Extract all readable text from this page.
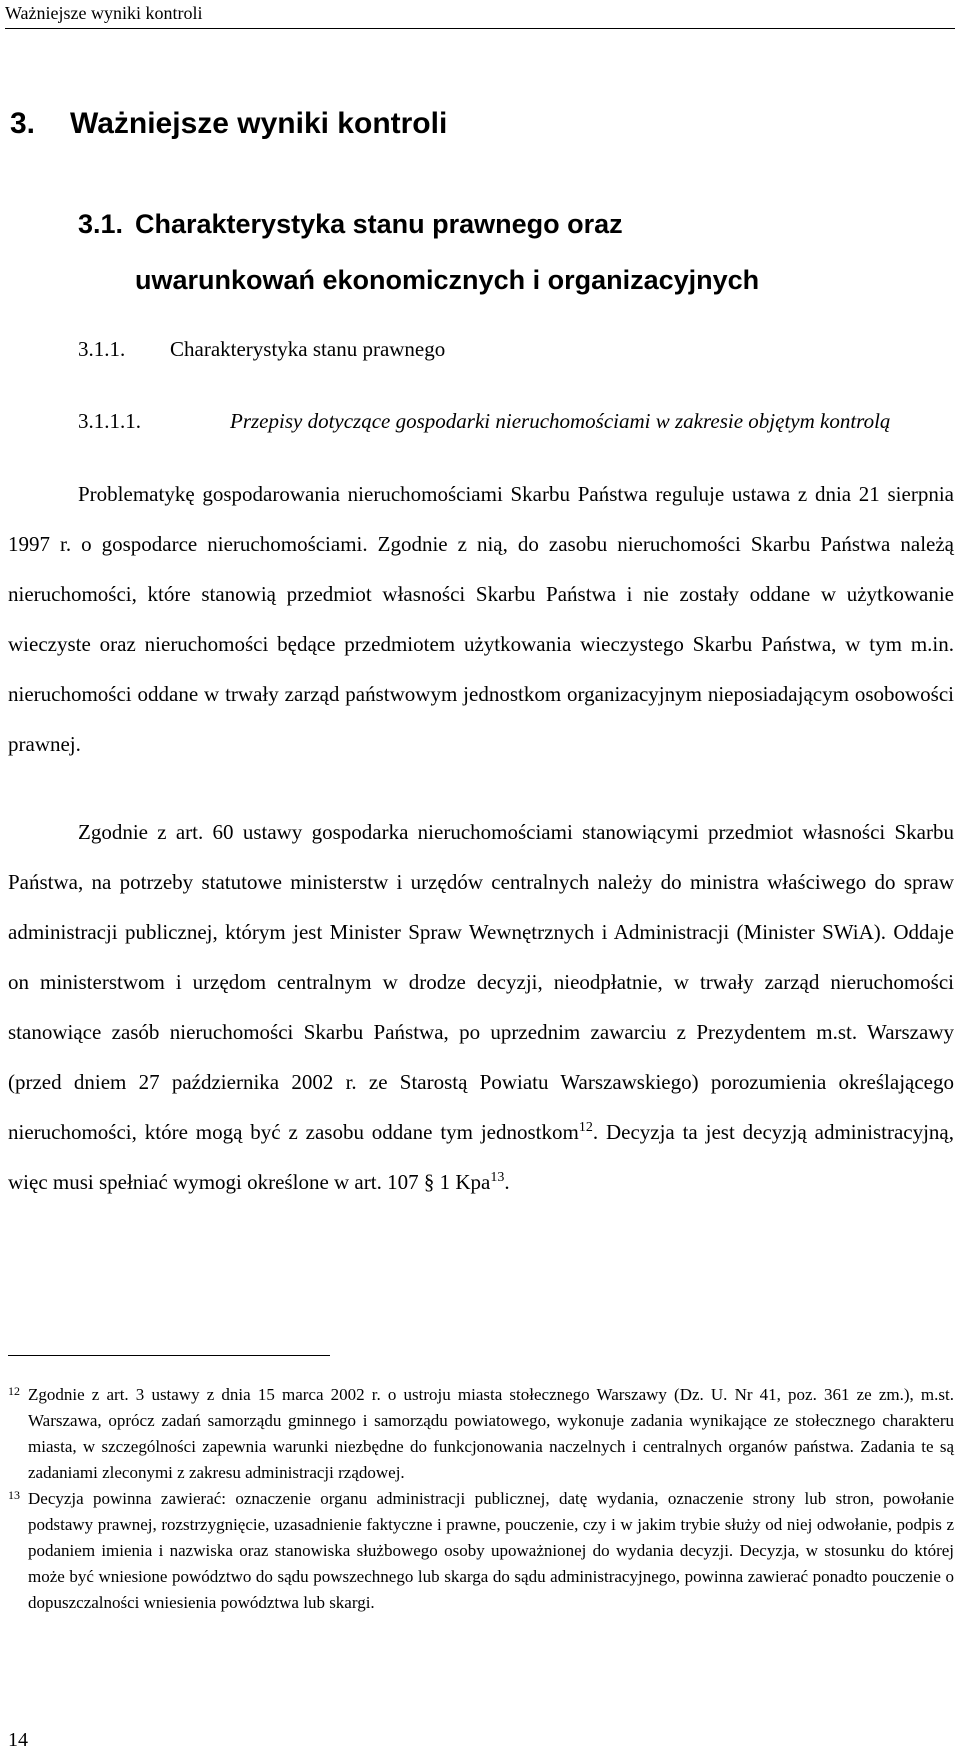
Ważniejsze wyniki kontroli
3. Ważniejsze wyniki kontroli
3.1. Charakterystyka stanu prawnego oraz
uwarunkowań ekonomicznych i organizacyjnych
3.1.1. Charakterystyka stanu prawnego
3.1.1.1.	Przepisy dotyczące gospodarki nieruchomościami w zakresie objętym kontrolą
Problematykę gospodarowania nieruchomościami Skarbu Państwa reguluje ustawa z dnia 21 sierpnia 1997 r. o gospodarce nieruchomościami. Zgodnie z nią, do zasobu nieruchomości Skarbu Państwa należą nieruchomości, które stanowią przedmiot własności Skarbu Państwa i nie zostały oddane w użytkowanie wieczyste oraz nieruchomości będące przedmiotem użytkowania wieczystego Skarbu Państwa, w tym m.in. nieruchomości oddane w trwały zarząd państwowym jednostkom organizacyjnym nieposiadającym osobowości prawnej.
Zgodnie z art. 60 ustawy gospodarka nieruchomościami stanowiącymi przedmiot własności Skarbu Państwa, na potrzeby statutowe ministerstw i urzędów centralnych należy do ministra właściwego do spraw administracji publicznej, którym jest Minister Spraw Wewnętrznych i Administracji (Minister SWiA). Oddaje on ministerstwom i urzędom centralnym w drodze decyzji, nieodpłatnie, w trwały zarząd nieruchomości stanowiące zasób nieruchomości Skarbu Państwa, po uprzednim zawarciu z Prezydentem m.st. Warszawy (przed dniem 27 października 2002 r. ze Starostą Powiatu Warszawskiego) porozumienia określającego nieruchomości, które mogą być z zasobu oddane tym jednostkom$^{12}$. Decyzja ta jest decyzją administracyjną, więc musi spełniać wymogi określone w art. 107 § 1 Kpa$^{13}$.
12 Zgodnie z art. 3 ustawy z dnia 15 marca 2002 r. o ustroju miasta stołecznego Warszawy (Dz. U. Nr 41, poz. 361 ze zm.), m.st. Warszawa, oprócz zadań samorządu gminnego i samorządu powiatowego, wykonuje zadania wynikające ze stołecznego charakteru miasta, w szczególności zapewnia warunki niezbędne do funkcjonowania naczelnych i centralnych organów państwa. Zadania te są zadaniami zleconymi z zakresu administracji rządowej.
13 Decyzja powinna zawierać: oznaczenie organu administracji publicznej, datę wydania, oznaczenie strony lub stron, powołanie podstawy prawnej, rozstrzygnięcie, uzasadnienie faktyczne i prawne, pouczenie, czy i w jakim trybie służy od niej odwołanie, podpis z podaniem imienia i nazwiska oraz stanowiska służbowego osoby upoważnionej do wydania decyzji. Decyzja, w stosunku do której może być wniesione powództwo do sądu powszechnego lub skarga do sądu administracyjnego, powinna zawierać ponadto pouczenie o dopuszczalności wniesienia powództwa lub skargi.
14
